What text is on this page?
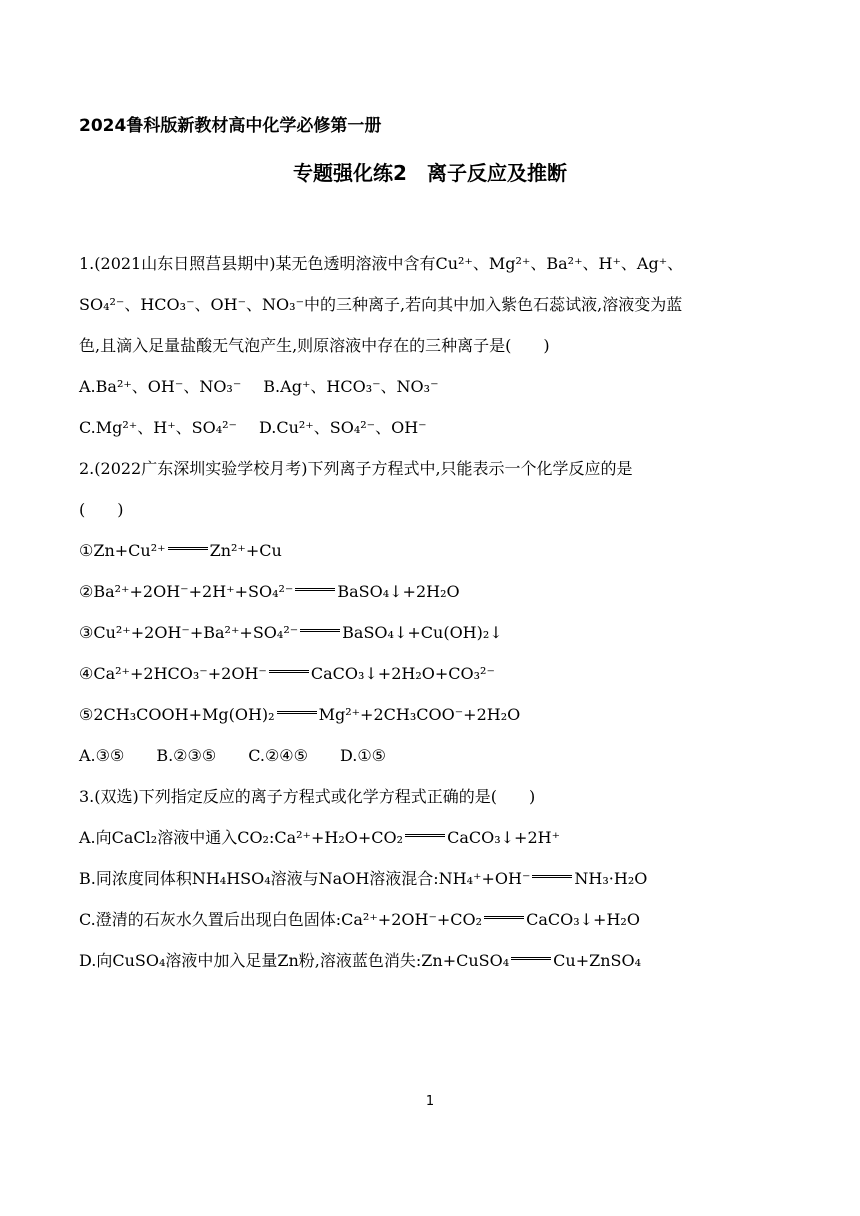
2024鲁科版新教材高中化学必修第一册
专题强化练2　离子反应及推断
1.(2021山东日照莒县期中)某无色透明溶液中含有Cu²⁺、Mg²⁺、Ba²⁺、H⁺、Ag⁺、
SO₄²⁻、HCO₃⁻、OH⁻、NO₃⁻中的三种离子,若向其中加入紫色石蕊试液,溶液变为蓝
色,且滴入足量盐酸无气泡产生,则原溶液中存在的三种离子是(　　)
A.Ba²⁺、OH⁻、NO₃⁻ B.Ag⁺、HCO₃⁻、NO₃⁻
C.Mg²⁺、H⁺、SO₄²⁻ D.Cu²⁺、SO₄²⁻、OH⁻
2.(2022广东深圳实验学校月考)下列离子方程式中,只能表示一个化学反应的是
(　　)
①Zn+Cu²⁺	Zn²⁺+Cu
②Ba²⁺+2OH⁻+2H⁺+SO₄²⁻	BaSO₄↓+2H₂O
③Cu²⁺+2OH⁻+Ba²⁺+SO₄²⁻	BaSO₄↓+Cu(OH)₂↓
④Ca²⁺+2HCO₃⁻+2OH⁻	CaCO₃↓+2H₂O+CO₃²⁻
⑤2CH₃COOH+Mg(OH)₂	Mg²⁺+2CH₃COO⁻+2H₂O
A.③⑤　　B.②③⑤　　C.②④⑤　　D.①⑤
3.(双选)下列指定反应的离子方程式或化学方程式正确的是(　　)
A.向CaCl₂溶液中通入CO₂:Ca²⁺+H₂O+CO₂	CaCO₃↓+2H⁺
B.同浓度同体积NH₄HSO₄溶液与NaOH溶液混合:NH₄⁺+OH⁻	NH₃·H₂O
C.澄清的石灰水久置后出现白色固体:Ca²⁺+2OH⁻+CO₂	CaCO₃↓+H₂O
D.向CuSO₄溶液中加入足量Zn粉,溶液蓝色消失:Zn+CuSO₄	Cu+ZnSO₄
1
